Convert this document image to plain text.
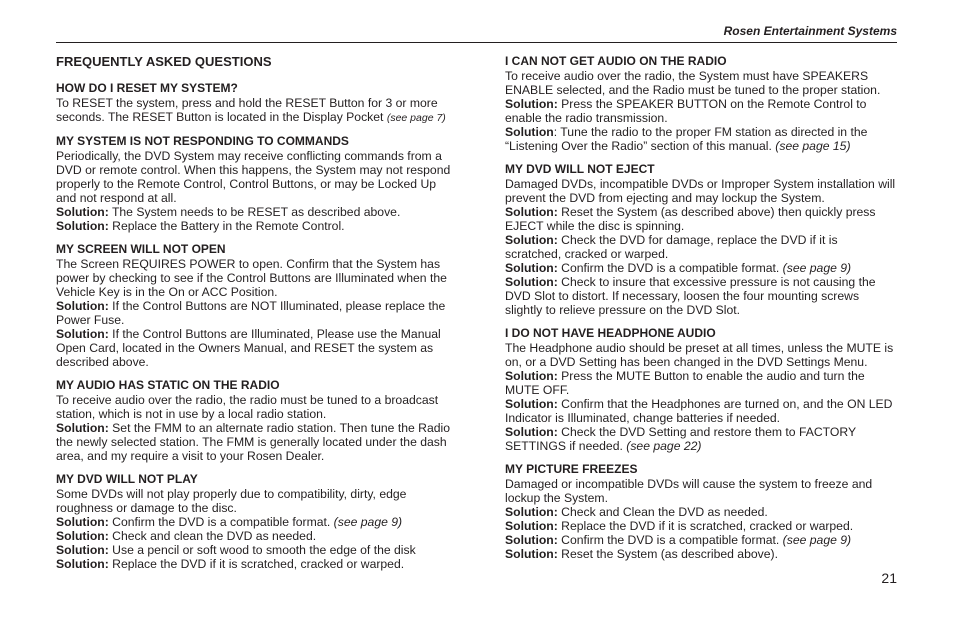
Rosen Entertainment Systems
FREQUENTLY ASKED QUESTIONS
HOW DO I RESET MY SYSTEM?
To RESET the system, press and hold the RESET Button for 3 or more seconds. The RESET Button is located in the Display Pocket (see page 7)
MY SYSTEM IS NOT RESPONDING TO COMMANDS
Periodically, the DVD System may receive conflicting commands from a DVD or remote control. When this happens, the System may not respond properly to the Remote Control, Control Buttons, or may be Locked Up and not respond at all.
Solution: The System needs to be RESET as described above.
Solution: Replace the Battery in the Remote Control.
MY SCREEN WILL NOT OPEN
The Screen REQUIRES POWER to open. Confirm that the System has power by checking to see if the Control Buttons are Illuminated when the Vehicle Key is in the On or ACC Position.
Solution: If the Control Buttons are NOT Illuminated, please replace the Power Fuse.
Solution: If the Control Buttons are Illuminated, Please use the Manual Open Card, located in the Owners Manual, and RESET the system as described above.
MY AUDIO HAS STATIC ON THE RADIO
To receive audio over the radio, the radio must be tuned to a broadcast station, which is not in use by a local radio station.
Solution: Set the FMM to an alternate radio station. Then tune the Radio the newly selected station. The FMM is generally located under the dash area, and my require a visit to your Rosen Dealer.
MY DVD WILL NOT PLAY
Some DVDs will not play properly due to compatibility, dirty, edge roughness or damage to the disc.
Solution: Confirm the DVD is a compatible format. (see page 9)
Solution: Check and clean the DVD as needed.
Solution: Use a pencil or soft wood to smooth the edge of the disk
Solution: Replace the DVD if it is scratched, cracked or warped.
I CAN NOT GET AUDIO ON THE RADIO
To receive audio over the radio, the System must have SPEAKERS ENABLE selected, and the Radio must be tuned to the proper station.
Solution: Press the SPEAKER BUTTON on the Remote Control to enable the radio transmission.
Solution: Tune the radio to the proper FM station as directed in the “Listening Over the Radio” section of this manual. (see page 15)
MY DVD WILL NOT EJECT
Damaged DVDs, incompatible DVDs or Improper System installation will prevent the DVD from ejecting and may lockup the System.
Solution: Reset the System (as described above) then quickly press EJECT while the disc is spinning.
Solution: Check the DVD for damage, replace the DVD if it is scratched, cracked or warped.
Solution: Confirm the DVD is a compatible format. (see page 9)
Solution: Check to insure that excessive pressure is not causing the DVD Slot to distort. If necessary, loosen the four mounting screws slightly to relieve pressure on the DVD Slot.
I DO NOT HAVE HEADPHONE AUDIO
The Headphone audio should be preset at all times, unless the MUTE is on, or a DVD Setting has been changed in the DVD Settings Menu.
Solution: Press the MUTE Button to enable the audio and turn the MUTE OFF.
Solution: Confirm that the Headphones are turned on, and the ON LED Indicator is Illuminated, change batteries if needed.
Solution: Check the DVD Setting and restore them to FACTORY SETTINGS if needed. (see page 22)
MY PICTURE FREEZES
Damaged or incompatible DVDs will cause the system to freeze and lockup the System.
Solution: Check and Clean the DVD as needed.
Solution: Replace the DVD if it is scratched, cracked or warped.
Solution: Confirm the DVD is a compatible format. (see page 9)
Solution: Reset the System (as described above).
21
